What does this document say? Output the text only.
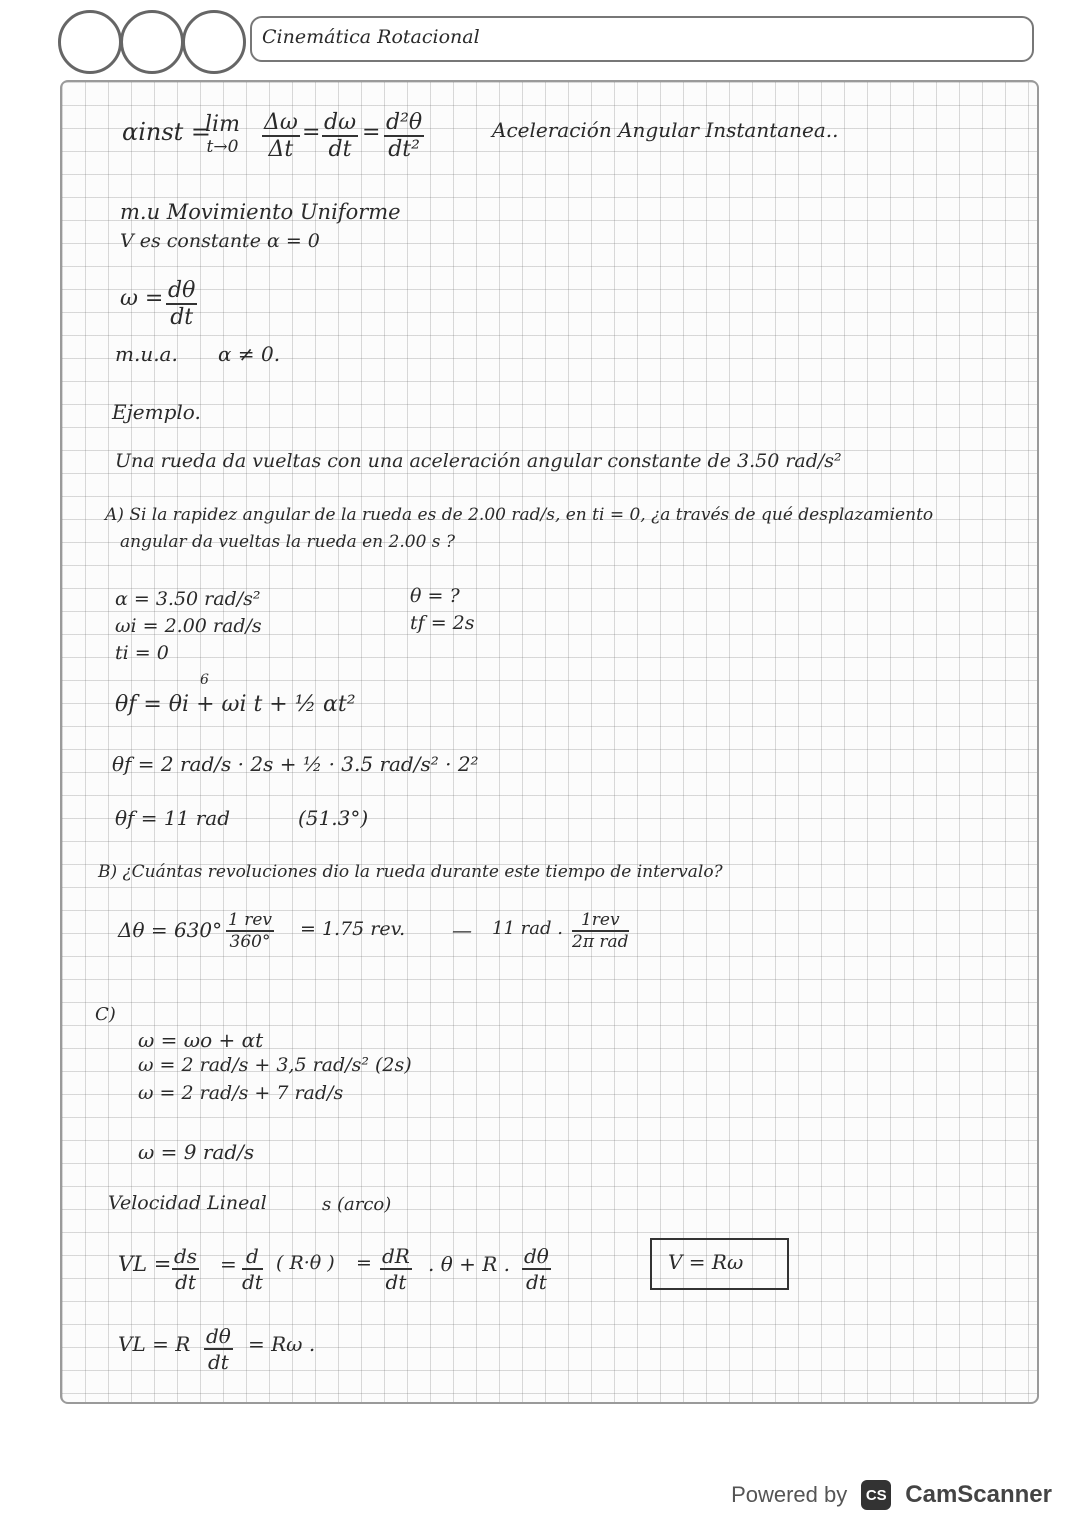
Cinemática Rotacional
αinst =
lim
$t\to 0 \frac{\Delta\omega}{\Delta t} = \frac{d\omega}{dt} = \frac{\text{d²θ}}{\text{dt²}}$	Aceleración Angular Instantanea..
m.u Movimiento Uniforme
V es constante α = 0
$\omega = \frac{d\theta}{dt}$
m.u.a. α ≠ 0.
Ejemplo.
Una rueda da vueltas con una aceleración angular constante de 3.50 rad/s²
A) Si la rapidez angular de la rueda es de 2.00 rad/s, en ti = 0, ¿a través de qué desplazamiento
angular da vueltas la rueda en 2.00 s ?
α = 3.50 rad/s²
ωi = 2.00 rad/s
ti = 0
θ = ?
tf = 2s
6
θf = θi + ωi t + ½ αt²
θf = 2 rad/s · 2s + ½ · 3.5 rad/s² · 2²
θf = 11 rad	(51.3°)
B) ¿Cuántas revoluciones dio la rueda durante este tiempo de intervalo?
Δθ = 630° 1 rev
360°
= 1.75 rev. — 11 rad .	1rev
2π rad
C)
ω = ωo + αt
ω = 2 rad/s + 3,5 rad/s² (2s)
ω = 2 rad/s + 7 rad/s
ω = 9 rad/s
Velocidad Lineal	s (arco)
VL = $\frac{ds}{dt} = \frac{d}{dt}$ ( R·θ ) = $\frac{dR}{dt}$ . θ + R . $\frac{d\theta}{dt}$	V = Rω
VL = R $\frac{d\theta}{dt} = R\omega$ .
Powered by	CS CamScanner
